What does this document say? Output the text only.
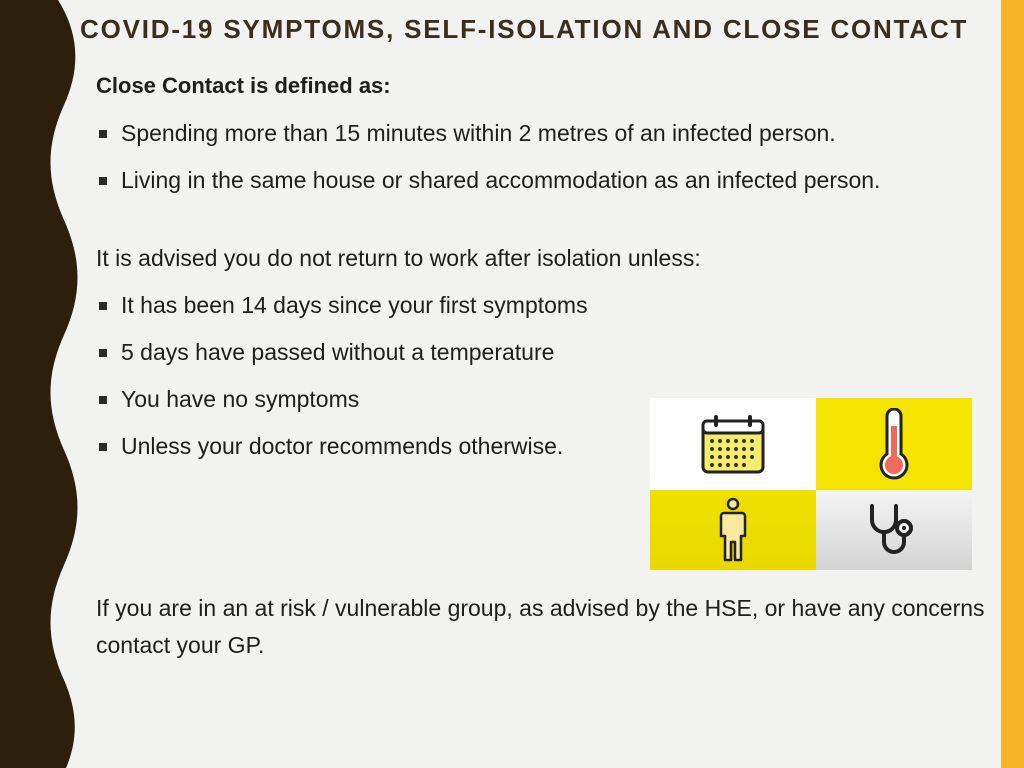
COVID-19 SYMPTOMS, SELF-ISOLATION AND CLOSE CONTACT

Close Contact is defined as:

Spending more than 15 minutes within 2 metres of an infected person.
Living in the same house or shared accommodation as an infected person.

It is advised you do not return to work after isolation unless:

It has been 14 days since your first symptoms
5 days have passed without a temperature
You have no symptoms
Unless your doctor recommends otherwise.

If you are in an at risk / vulnerable group, as advised by the HSE, or have any concerns contact your GP.
